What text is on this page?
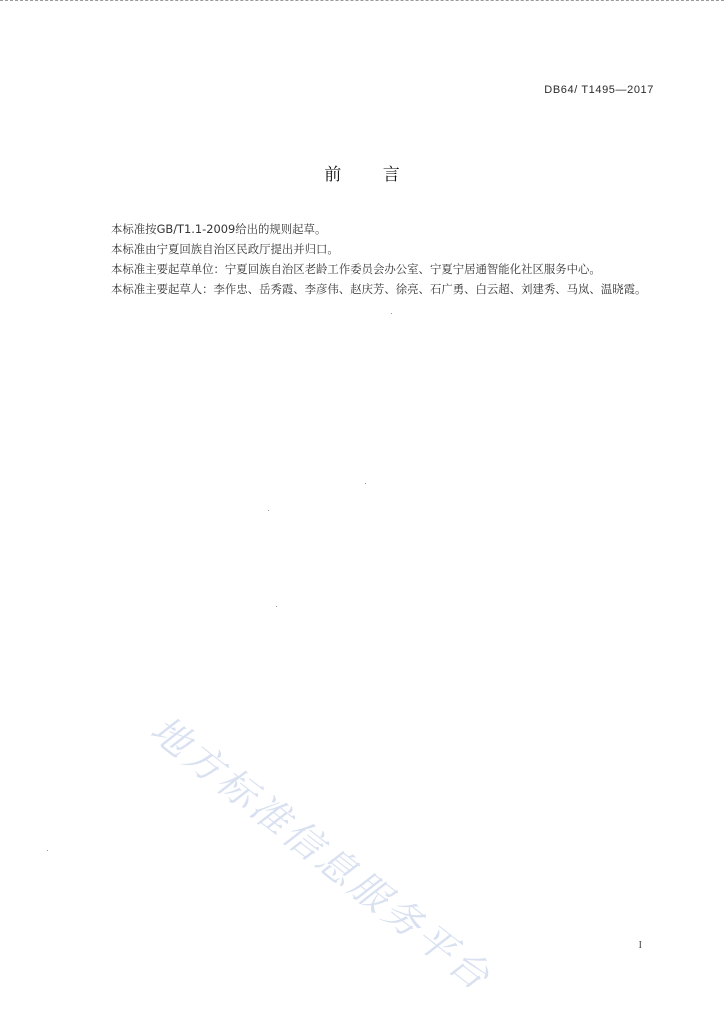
DB64/ T1495—2017
前 言

本标准按GB/T1.1-2009给出的规则起草。

本标准由宁夏回族自治区民政厅提出并归口。

本标准主要起草单位：宁夏回族自治区老龄工作委员会办公室、宁夏宁居通智能化社区服务中心。

本标准主要起草人：李作忠、岳秀霞、李彦伟、赵庆芳、徐亮、石广勇、白云超、刘建秀、马岚、温晓霞。

地方标准信息服务平台	I
